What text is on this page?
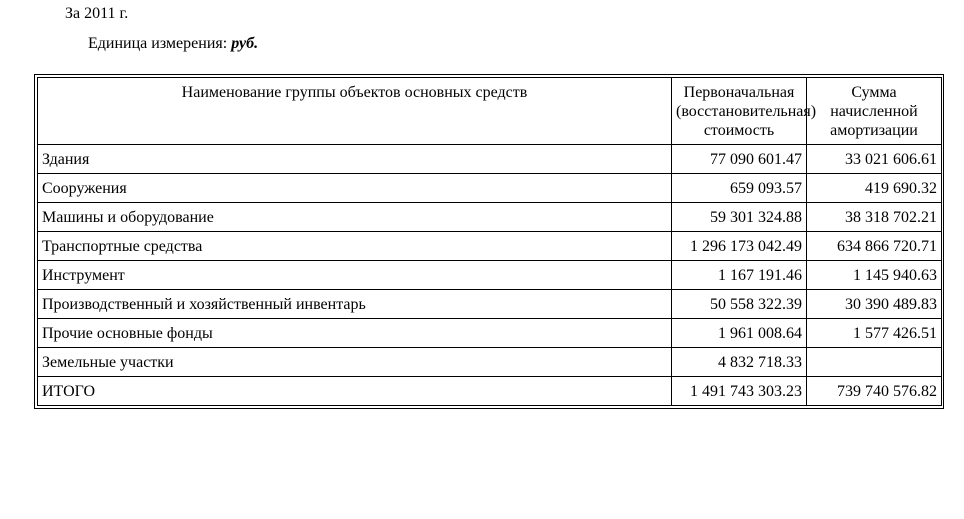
За 2011 г.
Единица измерения: руб.
Наименование группы объектов основных средств	Первоначальная (восстановительная) стоимость	Сумма начисленной амортизации
Здания	77 090 601.47	33 021 606.61
Сооружения	659 093.57	419 690.32
Машины и оборудование	59 301 324.88	38 318 702.21
Транспортные средства	1 296 173 042.49	634 866 720.71
Инструмент	1 167 191.46	1 145 940.63
Производственный и хозяйственный инвентарь	50 558 322.39	30 390 489.83
Прочие основные фонды	1 961 008.64	1 577 426.51
Земельные участки	4 832 718.33	
ИТОГО	1 491 743 303.23	739 740 576.82
